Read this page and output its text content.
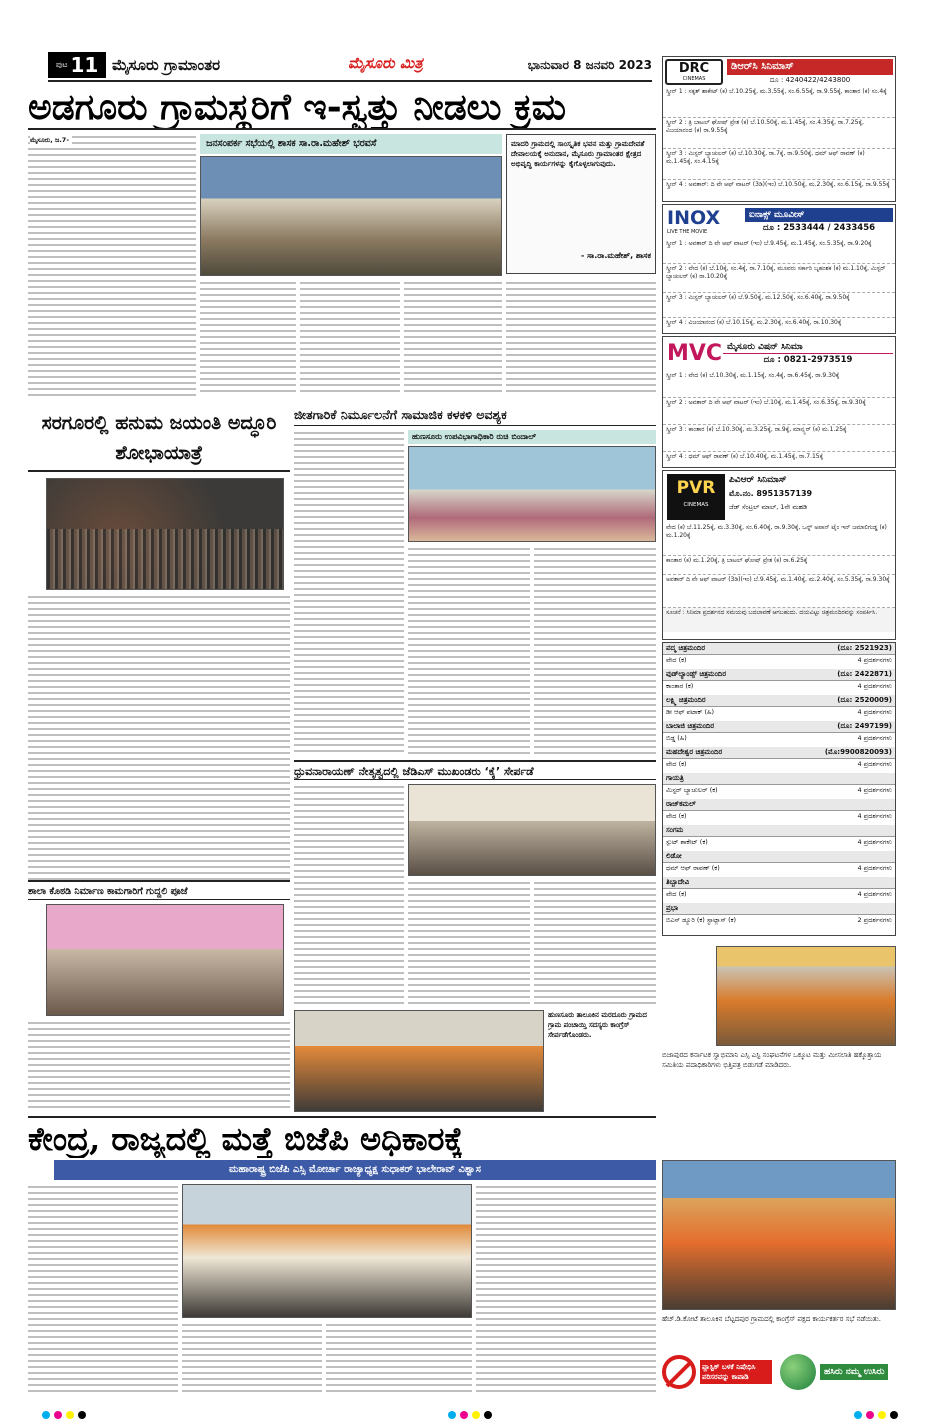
ಪುಟ 11 ಮೈಸೂರು ಗ್ರಾಮಾಂತರ	ಮೈಸೂರು ಮಿತ್ರ	ಭಾನುವಾರ 8 ಜನವರಿ 2023
ಅಡಗೂರು ಗ್ರಾಮಸ್ಥರಿಗೆ ಇ-ಸ್ವತ್ತು ನೀಡಲು ಕ್ರಮ
ಜನಸಂಪರ್ಕ ಸಭೆಯಲ್ಲಿ ಶಾಸಕ ಸಾ.ರಾ.ಮಹೇಶ್ ಭರವಸೆ	ಮಾದರಿ ಗ್ರಾಮದಲ್ಲಿ ಸಾಂಸ್ಕೃತಿಕ ಭವನ ಮತ್ತು ಗ್ರಾಮದೇವತೆ ದೇವಾಲಯಕ್ಕೆ ಅನುದಾನ, ಮೈಸೂರು ಗ್ರಾಮಾಂತರ ಕ್ಷೇತ್ರದ ಅಭಿವೃದ್ಧಿ ಕಾರ್ಯಗಳನ್ನು ಕೈಗೊಳ್ಳಲಾಗುವುದು.
- ಸಾ.ರಾ.ಮಹೇಶ್, ಶಾಸಕ
ಸರಗೂರಲ್ಲಿ ಹನುಮ ಜಯಂತಿ ಅದ್ಧೂರಿ ಶೋಭಾಯಾತ್ರೆ
ಶಾಲಾ ಕೊಠಡಿ ನಿರ್ಮಾಣ ಕಾಮಗಾರಿಗೆ ಗುದ್ದಲಿ ಪೂಜೆ
ಜೀತಗಾರಿಕೆ ನಿರ್ಮೂಲನೆಗೆ ಸಾಮಾಜಿಕ ಕಳಕಳಿ ಅವಶ್ಯಕ
ಹುಣಸೂರು ಉಪವಿಭಾಗಾಧಿಕಾರಿ ರುಚಿ ಬಿಂದಾಲ್
ಧ್ರುವನಾರಾಯಣ್ ನೇತೃತ್ವದಲ್ಲಿ ಜೆಡಿಎಸ್ ಮುಖಂಡರು ‘ಕೈ’ ಸೇರ್ಪಡೆ
ಹುಣಸೂರು ತಾಲೂಕಿನ ಮರದೂರು ಗ್ರಾಮದ ಗ್ರಾಮ ಪಂಚಾಯ್ತಿ ಸದಸ್ಯರು ಕಾಂಗ್ರೆಸ್ ಸೇರ್ಪಡೆಗೊಂಡರು.
DRC
CINEMAS
ಡಿಆರ್‌ಸಿ ಸಿನಿಮಾಸ್
ದೂ : 4240422/4243800
ಸ್ಕ್ರೀನ್ 1 : ಸಕ್ಕತ್ ಶಾಕೇಟ್ (ಕ) ಬೆ.10.25ಕ್ಕೆ, ಮ.3.55ಕ್ಕೆ, ಸಂ.6.55ಕ್ಕೆ, ರಾ.9.55ಕ್ಕೆ, ಕಾಂತಾರ (ಕ) ಸಂ.4ಕ್ಕೆ
ಸ್ಕ್ರೀನ್ 2 : ತ್ರಿ ಬಾಟಲ್ ಘೋಷ್ ಪ್ರೇತ (ಕ) ಬೆ.10.50ಕ್ಕೆ, ಮ.1.45ಕ್ಕೆ, ಸಂ.4.35ಕ್ಕೆ, ರಾ.7.25ಕ್ಕೆ, ವಿಜಯಾನಂದ (ಕ) ರಾ.9.55ಕ್ಕೆ
ಸ್ಕ್ರೀನ್ 3 : ಮಿಸ್ಟರ್ ಬ್ಯಾಚುಲರ್ (ಕ) ಬೆ.10.30ಕ್ಕೆ, ರಾ.7ಕ್ಕೆ, ರಾ.9.50ಕ್ಕೆ, ಧಮ್ ಆಫ್ ರಾವಣ್ (ಕ) ಮ.1.45ಕ್ಕೆ, ಸಂ.4.15ಕ್ಕೆ
ಸ್ಕ್ರೀನ್ 4 : ಅವತಾರ್: ದಿ ವೇ ಆಫ್ ವಾಟರ್ (3ಡಿ)(ಇಂ) ಬೆ.10.50ಕ್ಕೆ, ಮ.2.30ಕ್ಕೆ, ಸಂ.6.15ಕ್ಕೆ, ರಾ.9.55ಕ್ಕೆ
INOX
LIVE THE MOVIE
ಐನಾಕ್ಸ್ ಮೂವೀಸ್
ದೂ : 2533444 / 2433456
ಸ್ಕ್ರೀನ್ 1 : ಅವತಾರ್ ದಿ ವೇ ಆಫ್ ವಾಟರ್ (ಇಂ) ಬೆ.9.45ಕ್ಕೆ, ಮ.1.45ಕ್ಕೆ, ಸಂ.5.35ಕ್ಕೆ, ರಾ.9.20ಕ್ಕೆ
ಸ್ಕ್ರೀನ್ 2 : ವೇದ (ಕ) ಬೆ.10ಕ್ಕೆ, ಸಂ.4ಕ್ಕೆ, ರಾ.7.10ಕ್ಕೆ, ಮೂವರು ಸರ್ಕಾರಿ ಬೃಹಂಶಕ (ಕ) ಮ.1.10ಕ್ಕೆ, ಮಿಸ್ಟರ್ ಬ್ಯಾಚುಲರ್ (ಕ) ರಾ.10.20ಕ್ಕೆ
ಸ್ಕ್ರೀನ್ 3 : ಮಿಸ್ಟರ್ ಬ್ಯಾಚುಲರ್ (ಕ) ಬೆ.9.50ಕ್ಕೆ, ಮ.12.50ಕ್ಕೆ, ಸಂ.6.40ಕ್ಕೆ, ರಾ.9.50ಕ್ಕೆ
ಸ್ಕ್ರೀನ್ 4 : ವಿಜಯಾನಂದ (ಕ) ಬೆ.10.15ಕ್ಕೆ, ಮ.2.30ಕ್ಕೆ, ಸಂ.6.40ಕ್ಕೆ, ರಾ.10.30ಕ್ಕೆ
MVC ಮೈಸೂರು ವಿಷನ್ ಸಿನಿಮಾ
ದೂ : 0821-2973519
ಸ್ಕ್ರೀನ್ 1 : ವೇದ (ಕ) ಬೆ.10.30ಕ್ಕೆ, ಮ.1.15ಕ್ಕೆ, ಸಂ.4ಕ್ಕೆ, ರಾ.6.45ಕ್ಕೆ, ರಾ.9.30ಕ್ಕೆ
ಸ್ಕ್ರೀನ್ 2 : ಅವತಾರ್ ದಿ ವೇ ಆಫ್ ವಾಟರ್ (ಇಂ) ಬೆ.10ಕ್ಕೆ, ಮ.1.45ಕ್ಕೆ, ಸಂ.6.35ಕ್ಕೆ, ರಾ.9.30ಕ್ಕೆ
ಸ್ಕ್ರೀನ್ 3 : ಕಾಂತಾರ (ಕ) ಬೆ.10.30ಕ್ಕೆ, ಮ.3.25ಕ್ಕೆ, ರಾ.9ಕ್ಕೆ, ಮಾನ್ಸ್ಟರ್ (ಕ) ಮ.1.25ಕ್ಕೆ
ಸ್ಕ್ರೀನ್ 4 : ಧಮ್ ಆಫ್ ರಾವಣ್ (ಕ) ಬೆ.10.40ಕ್ಕೆ, ಮ.1.45ಕ್ಕೆ, ರಾ.7.15ಕ್ಕೆ
PVR
CINEMAS
ಪಿವಿಆರ್ ಸಿನಿಮಾಸ್
ಮೊ.ನಂ. 8951357139
ಜೆಡ್ ಸೆಂಟ್ರಲ್ ಮಾಲ್, 1ನೇ ಮಹಡಿ
ವೇದ (ಕ) ಬೆ.11.25ಕ್ಕೆ, ಮ.3.30ಕ್ಕೆ, ಸಂ.6.40ಕ್ಕೆ, ರಾ.9.30ಕ್ಕೆ, ಒನ್ನ್ ಅಪಾನ್ ಟೈಂ ಇನ್ ಜಮಾಲಿಗುಡ್ಡ (ಕ) ಮ.1.20ಕ್ಕೆ
ಕಾಂತಾರ (ಕ) ಮ.1.20ಕ್ಕೆ, ತ್ರಿ ಬಾಟಲ್ ಘೋಷ್ ಪ್ರೇತ (ಕ) ರಾ.6.25ಕ್ಕೆ
ಅವತಾರ್ ದಿ ವೇ ಆಫ್ ವಾಟರ್ (3ಡಿ)(ಇಂ) ಬೆ.9.45ಕ್ಕೆ, ಮ.1.40ಕ್ಕೆ, ಮ.2.40ಕ್ಕೆ, ಸಂ.5.35ಕ್ಕೆ, ರಾ.9.30ಕ್ಕೆ
ಸೂಚನೆ : ಸಿನಿಮಾ ಪ್ರದರ್ಶನದ ಸಮಯವು ಬದಲಾವಣೆ ಆಗಬಹುದು. ದಯವಿಟ್ಟು ಚಿತ್ರಮಂದಿರವನ್ನು ಸಂಪರ್ಕಿಸಿ.
ಪದ್ಮ ಚಿತ್ರಮಂದಿರ	(ದೂ: 2521923)
ವೇದ (ಕ)	4 ಪ್ರದರ್ಶನಗಳು
ವುಡ್‌ಲ್ಯಾಂಡ್ಸ್ ಚಿತ್ರಮಂದಿರ	(ದೂ: 2422871)
ಕಾಂತಾರ (ಕ)	4 ಪ್ರದರ್ಶನಗಳು
ಲಕ್ಷ್ಮಿ ಚಿತ್ರಮಂದಿರ	(ದೂ: 2520009)
ಡೀ ಆಫ್ ಪಟಾಕ್ (ಹಿ)	4 ಪ್ರದರ್ಶನಗಳು
ಬಾಲಾಜಿ ಚಿತ್ರಮಂದಿರ	(ದೂ: 2497199)
ಬಿಡ್ಡ (ಹಿ)	4 ಪ್ರದರ್ಶನಗಳು
ಮಹದೇಶ್ವರ ಚಿತ್ರಮಂದಿರ	(ಮೊ:9900820093)
ವೇದ (ಕ)	4 ಪ್ರದರ್ಶನಗಳು
ಗಾಯತ್ರಿ
ಮಿಸ್ಟರ್ ಬ್ಯಾಚುಲರ್ (ಕ)	4 ಪ್ರದರ್ಶನಗಳು
ರಾಜ್‌ಕಮಲ್
ವೇದ (ಕ)	4 ಪ್ರದರ್ಶನಗಳು
ಸಂಗಮ
ಸ್ಪುಟ್ ಶಾಕೇಟ್ (ಕ)	4 ಪ್ರದರ್ಶನಗಳು
ಲಿಡೋ
ಧಮ್ ಆಫ್ ರಾವಣ್ (ಕ)	4 ಪ್ರದರ್ಶನಗಳು
ತಿಬ್ಬಾದೇವಿ
ವೇದ (ಕ)	4 ಪ್ರದರ್ಶನಗಳು
ಪ್ರಭಾ
ಬಿಎಸ್ ಡ್ಯೂರಿ (ಕ) ಸ್ಟಾಟ್ಲಾಸ್ (ಕ)	2 ಪ್ರದರ್ಶನಗಳು
ಬಿಜಾಪುರದ ಕರ್ನಾಟಕ ಸ್ವಾಭಿಮಾನಿ ಎಸ್ಸಿ ಎಸ್ಟಿ ಸಂಘಟನೆಗಳ ಒಕ್ಕೂಟ ಮತ್ತು ಮೀಸಲಾತಿ ಹಕ್ಕೊತ್ತಾಯ ಸಮಿತಿಯ ಪದಾಧಿಕಾರಿಗಳು ಭಿತ್ತಿಪತ್ರ ಬಿಡುಗಡೆ ಮಾಡಿದರು.
ಕೇಂದ್ರ, ರಾಜ್ಯದಲ್ಲಿ ಮತ್ತೆ ಬಿಜೆಪಿ ಅಧಿಕಾರಕ್ಕೆ
ಮಹಾರಾಷ್ಟ್ರ ಬಿಜೆಪಿ ಎಸ್ಸಿ ಮೋರ್ಚಾ ರಾಜ್ಯಾಧ್ಯಕ್ಷ ಸುಧಾಕರ್ ಭಾಲೇರಾವ್ ವಿಶ್ವಾಸ
ಹೆಚ್.ಡಿ.ಕೋಟೆ ತಾಲೂಕಿನ ಬೆಟ್ಟದಪುರ ಗ್ರಾಮದಲ್ಲಿ ಕಾಂಗ್ರೆಸ್ ಪಕ್ಷದ ಕಾರ್ಯಕರ್ತರ ಸಭೆ ನಡೆಯಿತು.
ಪ್ಲಾಸ್ಟಿಕ್ ಬಳಕೆ ನಿಷೇಧಿಸಿ ಪರಿಸರವನ್ನು ಕಾಪಾಡಿ	ಹಸಿರು ನಮ್ಮ ಉಸಿರು
ಮೈಸೂರು, ಜ.7-
